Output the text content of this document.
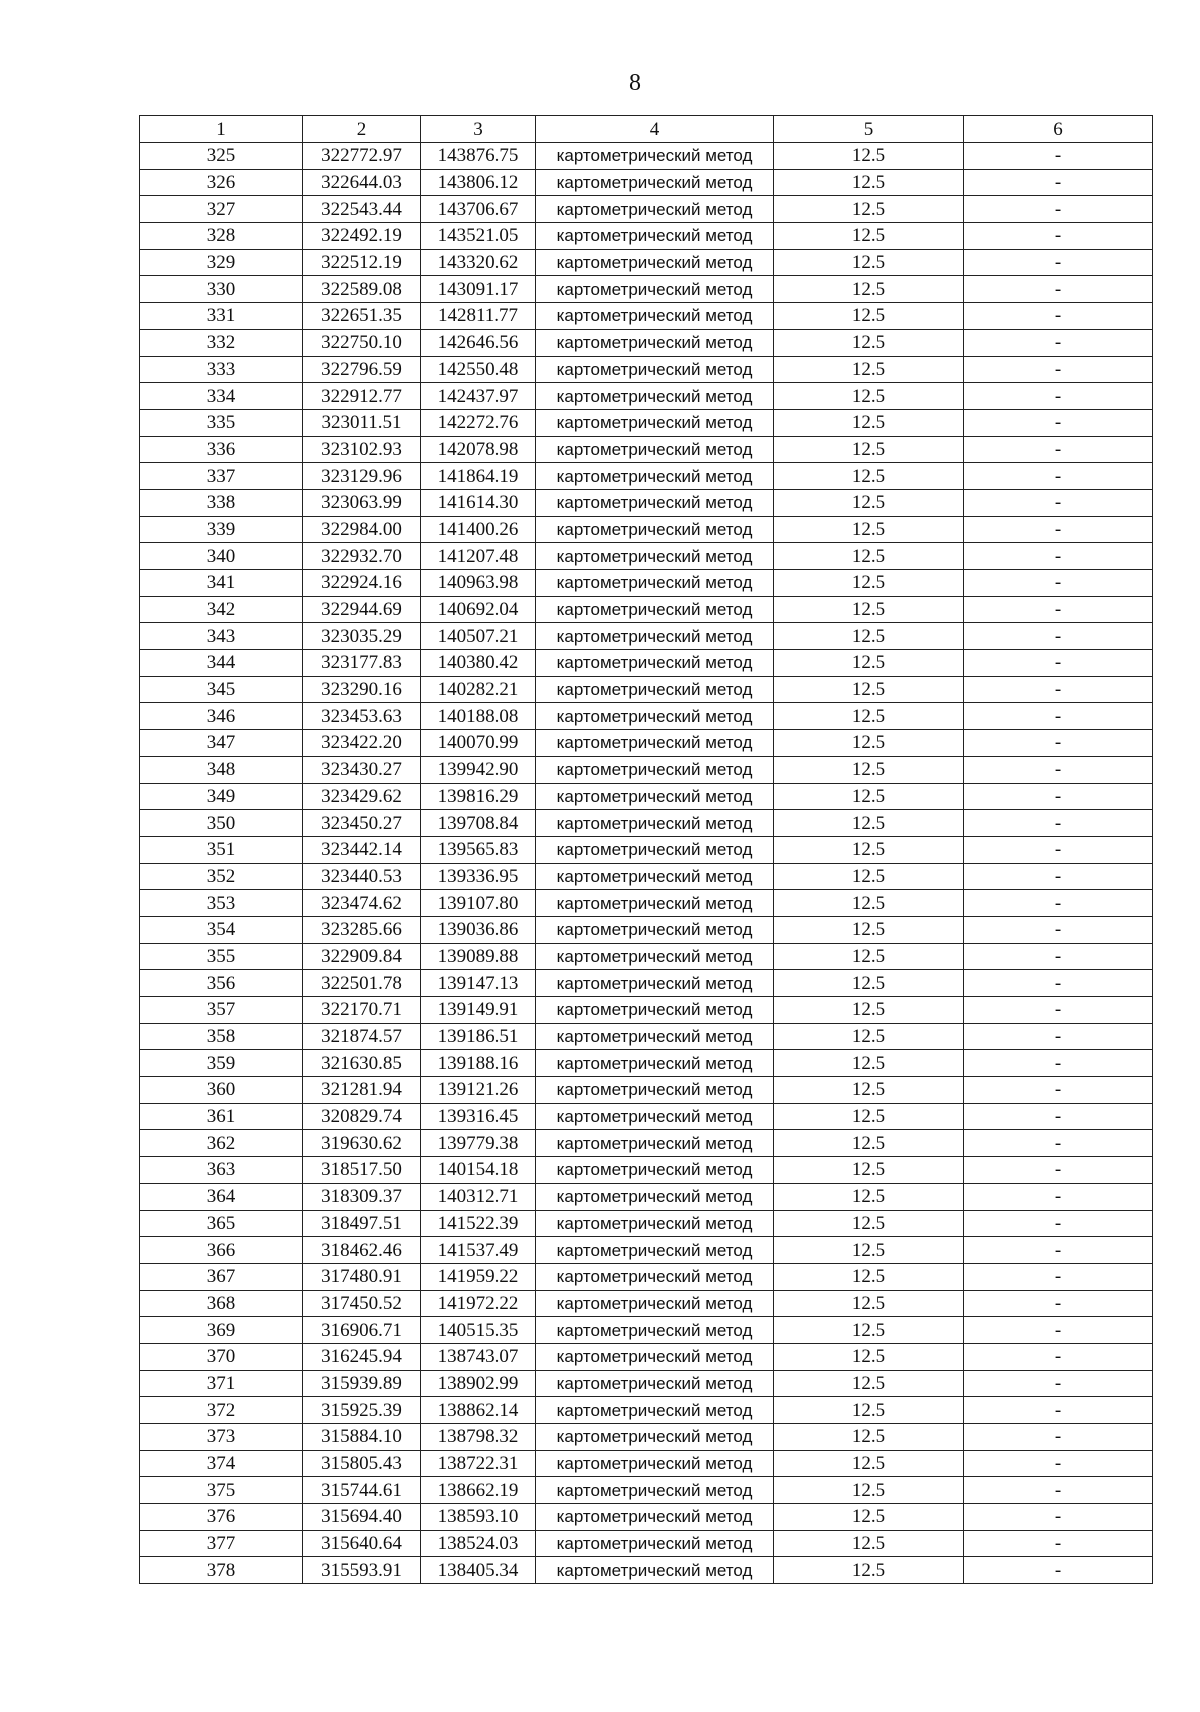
8
1	2	3	4	5	6
325	322772.97	143876.75	картометрический метод	12.5	-
326	322644.03	143806.12	картометрический метод	12.5	-
327	322543.44	143706.67	картометрический метод	12.5	-
328	322492.19	143521.05	картометрический метод	12.5	-
329	322512.19	143320.62	картометрический метод	12.5	-
330	322589.08	143091.17	картометрический метод	12.5	-
331	322651.35	142811.77	картометрический метод	12.5	-
332	322750.10	142646.56	картометрический метод	12.5	-
333	322796.59	142550.48	картометрический метод	12.5	-
334	322912.77	142437.97	картометрический метод	12.5	-
335	323011.51	142272.76	картометрический метод	12.5	-
336	323102.93	142078.98	картометрический метод	12.5	-
337	323129.96	141864.19	картометрический метод	12.5	-
338	323063.99	141614.30	картометрический метод	12.5	-
339	322984.00	141400.26	картометрический метод	12.5	-
340	322932.70	141207.48	картометрический метод	12.5	-
341	322924.16	140963.98	картометрический метод	12.5	-
342	322944.69	140692.04	картометрический метод	12.5	-
343	323035.29	140507.21	картометрический метод	12.5	-
344	323177.83	140380.42	картометрический метод	12.5	-
345	323290.16	140282.21	картометрический метод	12.5	-
346	323453.63	140188.08	картометрический метод	12.5	-
347	323422.20	140070.99	картометрический метод	12.5	-
348	323430.27	139942.90	картометрический метод	12.5	-
349	323429.62	139816.29	картометрический метод	12.5	-
350	323450.27	139708.84	картометрический метод	12.5	-
351	323442.14	139565.83	картометрический метод	12.5	-
352	323440.53	139336.95	картометрический метод	12.5	-
353	323474.62	139107.80	картометрический метод	12.5	-
354	323285.66	139036.86	картометрический метод	12.5	-
355	322909.84	139089.88	картометрический метод	12.5	-
356	322501.78	139147.13	картометрический метод	12.5	-
357	322170.71	139149.91	картометрический метод	12.5	-
358	321874.57	139186.51	картометрический метод	12.5	-
359	321630.85	139188.16	картометрический метод	12.5	-
360	321281.94	139121.26	картометрический метод	12.5	-
361	320829.74	139316.45	картометрический метод	12.5	-
362	319630.62	139779.38	картометрический метод	12.5	-
363	318517.50	140154.18	картометрический метод	12.5	-
364	318309.37	140312.71	картометрический метод	12.5	-
365	318497.51	141522.39	картометрический метод	12.5	-
366	318462.46	141537.49	картометрический метод	12.5	-
367	317480.91	141959.22	картометрический метод	12.5	-
368	317450.52	141972.22	картометрический метод	12.5	-
369	316906.71	140515.35	картометрический метод	12.5	-
370	316245.94	138743.07	картометрический метод	12.5	-
371	315939.89	138902.99	картометрический метод	12.5	-
372	315925.39	138862.14	картометрический метод	12.5	-
373	315884.10	138798.32	картометрический метод	12.5	-
374	315805.43	138722.31	картометрический метод	12.5	-
375	315744.61	138662.19	картометрический метод	12.5	-
376	315694.40	138593.10	картометрический метод	12.5	-
377	315640.64	138524.03	картометрический метод	12.5	-
378	315593.91	138405.34	картометрический метод	12.5	-
